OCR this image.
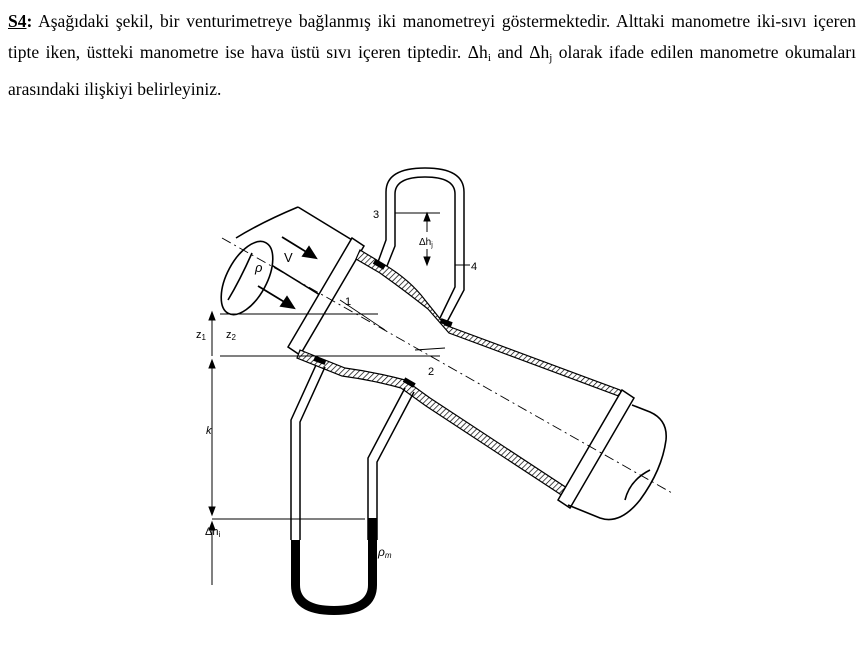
S4: Aşağıdaki şekil, bir venturimetreye bağlanmış iki manometreyi göstermektedir. Alttaki manometre iki-sıvı içeren tipte iken, üstteki manometre ise hava üstü sıvı içeren tiptedir. $\Delta h_i$ and $\Delta h_j$ olarak ifade edilen manometre okumaları arasındaki ilişkiyi belirleyiniz.
ρ
V
1
2
z1 z2
k
Δhi
ρm
3
4
$\Delta h_j$
